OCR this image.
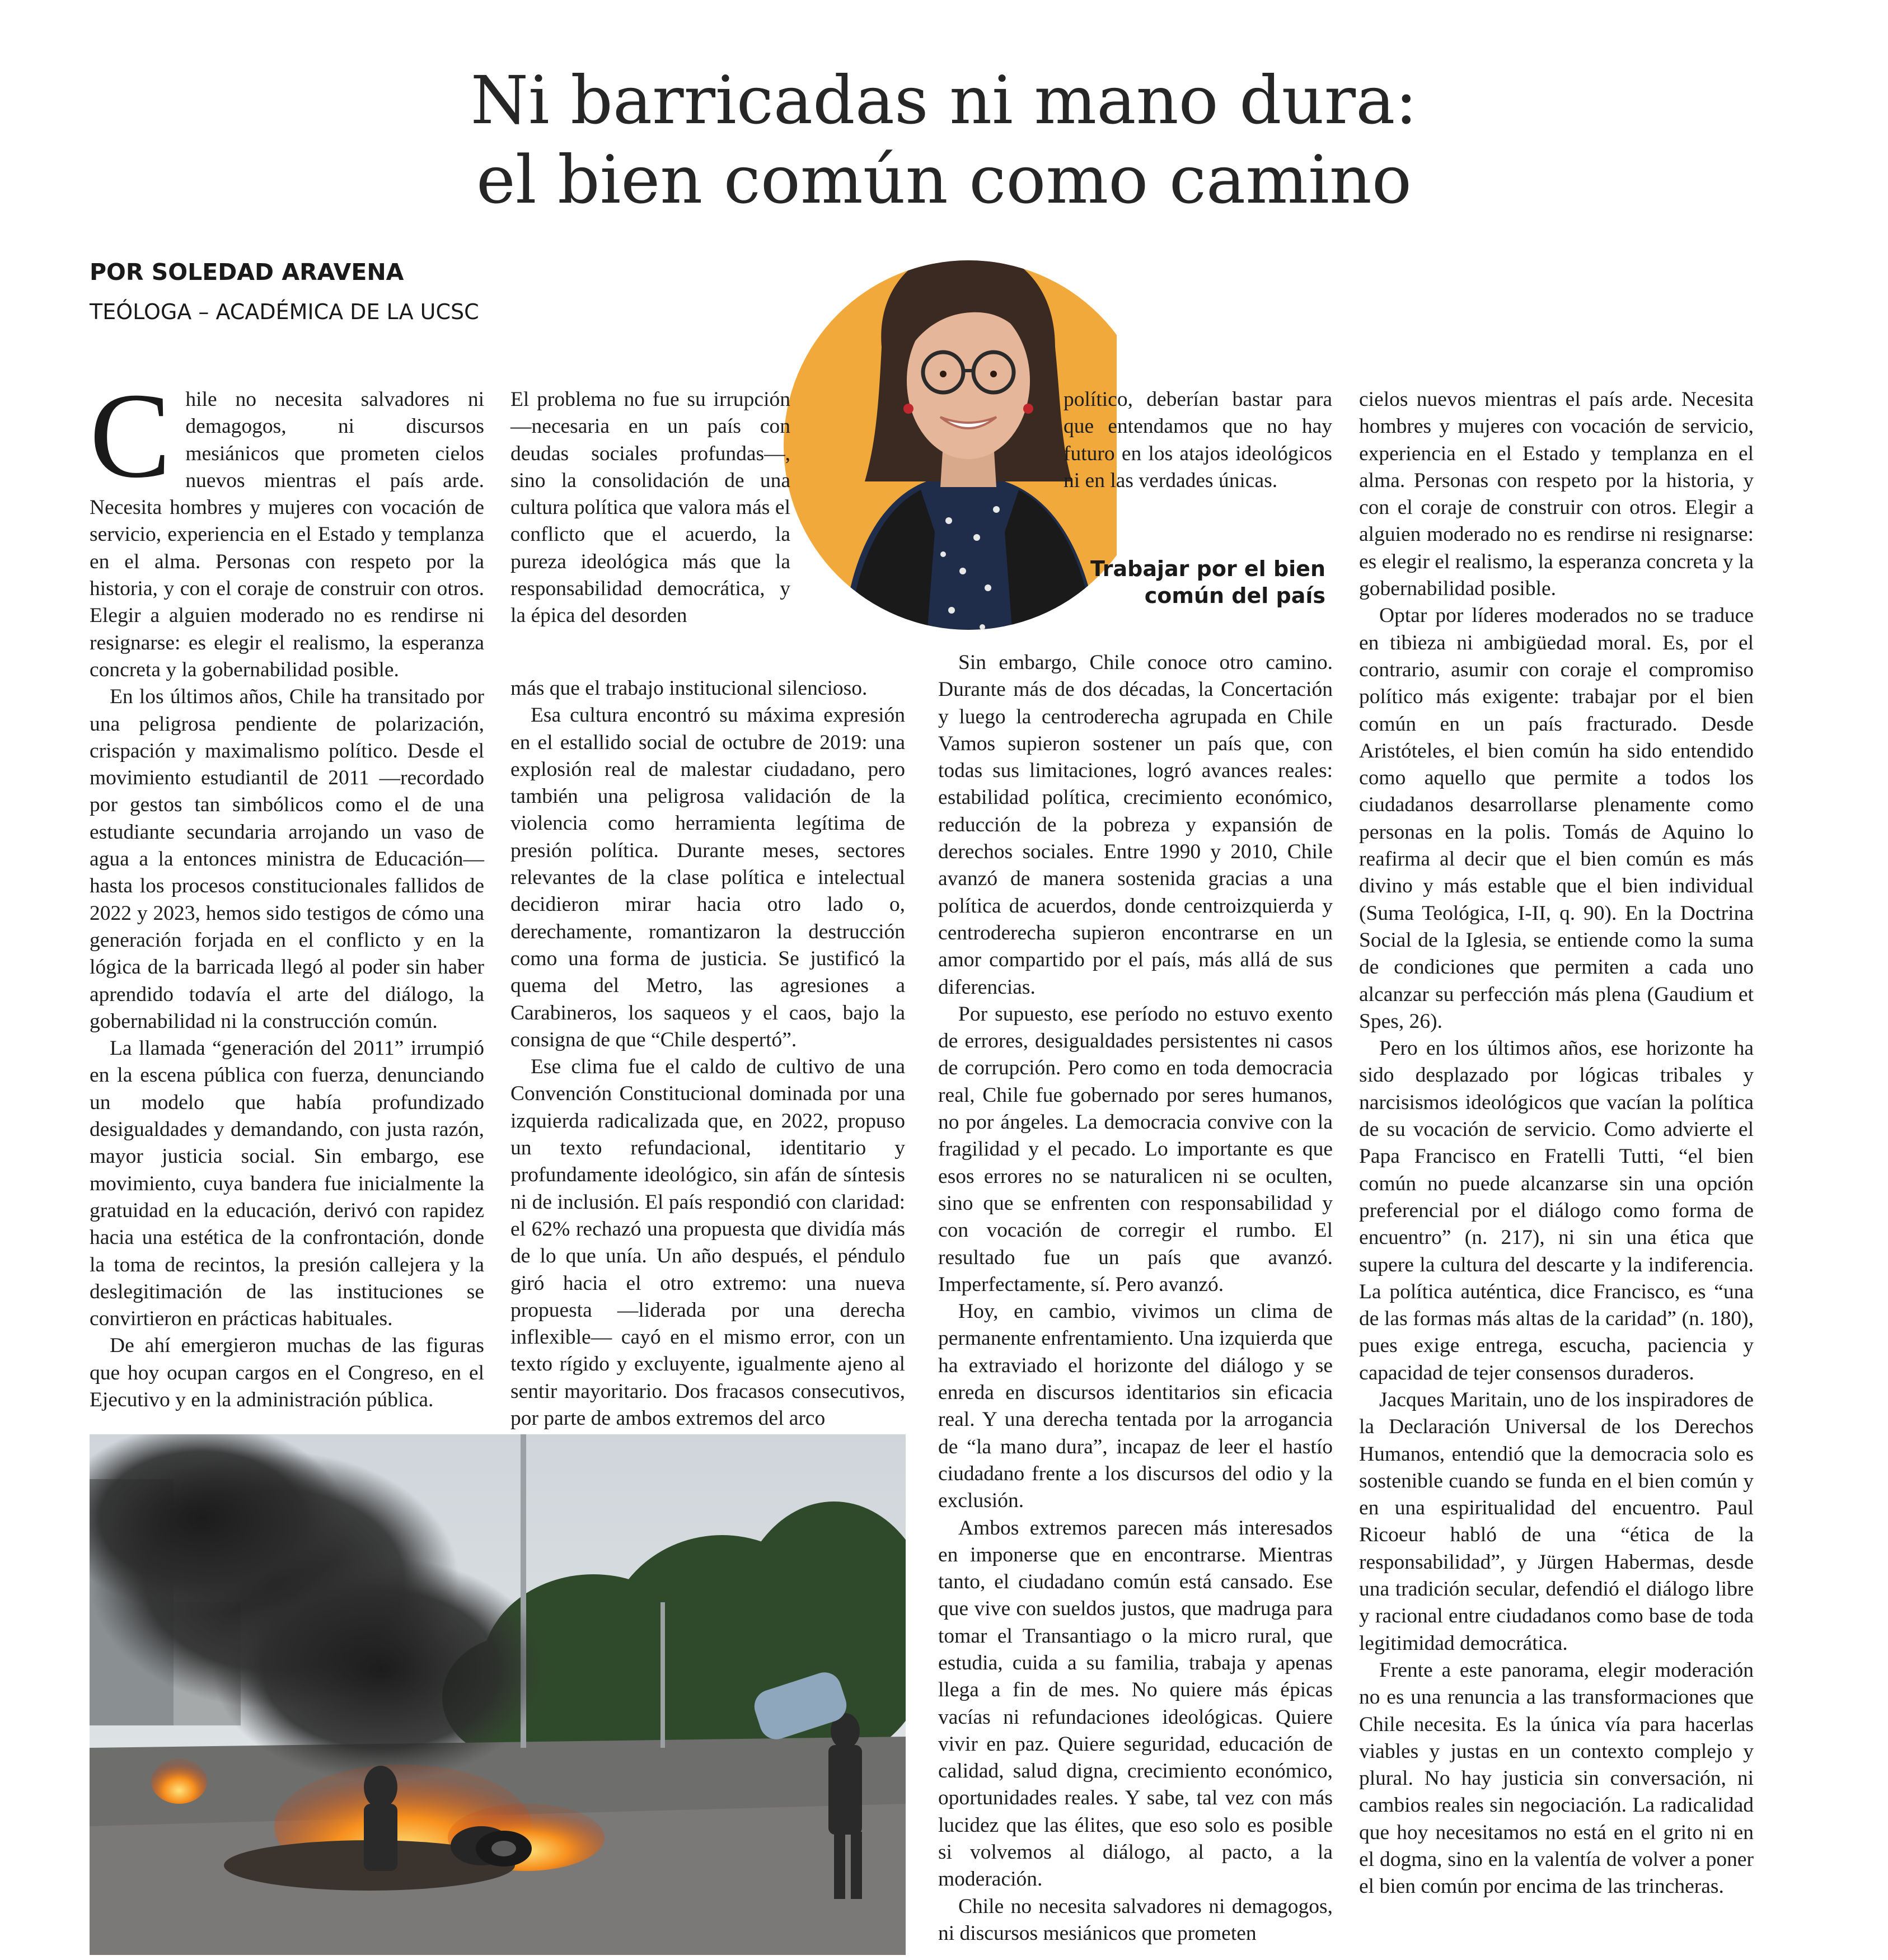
Ni barricadas ni mano dura:
el bien común como camino
POR SOLEDAD ARAVENA
TEÓLOGA – ACADÉMICA DE LA UCSC

Chile no necesita salvadores ni demagogos, ni discursos mesiánicos que prometen cielos nuevos mientras el país arde. Necesita hombres y mujeres con vocación de servicio, experiencia en el Estado y templanza en el alma. Personas con respeto por la historia, y con el coraje de construir con otros. Elegir a alguien moderado no es rendirse ni resignarse: es elegir el realismo, la esperanza concreta y la gobernabilidad posible.

En los últimos años, Chile ha transitado por una peligrosa pendiente de polarización, crispación y maximalismo político. Desde el movimiento estudiantil de 2011 —recordado por gestos tan simbólicos como el de una estudiante secundaria arrojando un vaso de agua a la entonces ministra de Educación— hasta los procesos constitucionales fallidos de 2022 y 2023, hemos sido testigos de cómo una generación forjada en el conflicto y en la lógica de la barricada llegó al poder sin haber aprendido todavía el arte del diálogo, la gobernabilidad ni la construcción común.

La llamada “generación del 2011” irrumpió en la escena pública con fuerza, denunciando un modelo que había profundizado desigualdades y demandando, con justa razón, mayor justicia social. Sin embargo, ese movimiento, cuya bandera fue inicialmente la gratuidad en la educación, derivó con rapidez hacia una estética de la confrontación, donde la toma de recintos, la presión callejera y la deslegitimación de las instituciones se convirtieron en prácticas habituales.

De ahí emergieron muchas de las figuras que hoy ocupan cargos en el Congreso, en el Ejecutivo y en la administración pública.

El problema no fue su irrupción —necesaria en un país con deudas sociales profundas—, sino la consolidación de una cultura política que valora más el conflicto que el acuerdo, la pureza ideológica más que la responsabilidad democrática, y la épica del desorden

más que el trabajo institucional silencioso.

Esa cultura encontró su máxima expresión en el estallido social de octubre de 2019: una explosión real de malestar ciudadano, pero también una peligrosa validación de la violencia como herramienta legítima de presión política. Durante meses, sectores relevantes de la clase política e intelectual decidieron mirar hacia otro lado o, derechamente, romantizaron la destrucción como una forma de justicia. Se justificó la quema del Metro, las agresiones a Carabineros, los saqueos y el caos, bajo la consigna de que “Chile despertó”.

Ese clima fue el caldo de cultivo de una Convención Constitucional dominada por una izquierda radicalizada que, en 2022, propuso un texto refundacional, identitario y profundamente ideológico, sin afán de síntesis ni de inclusión. El país respondió con claridad: el 62% rechazó una propuesta que dividía más de lo que unía. Un año después, el péndulo giró hacia el otro extremo: una nueva propuesta —liderada por una derecha inflexible— cayó en el mismo error, con un texto rígido y excluyente, igualmente ajeno al sentir mayoritario. Dos fracasos consecutivos, por parte de ambos extremos del arco

político, deberían bastar para que entendamos que no hay futuro en los atajos ideológicos ni en las verdades únicas.

Trabajar por el bien común del país

Sin embargo, Chile conoce otro camino. Durante más de dos décadas, la Concertación y luego la centroderecha agrupada en Chile Vamos supieron sostener un país que, con todas sus limitaciones, logró avances reales: estabilidad política, crecimiento económico, reducción de la pobreza y expansión de derechos sociales. Entre 1990 y 2010, Chile avanzó de manera sostenida gracias a una política de acuerdos, donde centroizquierda y centroderecha supieron encontrarse en un amor compartido por el país, más allá de sus diferencias.

Por supuesto, ese período no estuvo exento de errores, desigualdades persistentes ni casos de corrupción. Pero como en toda democracia real, Chile fue gobernado por seres humanos, no por ángeles. La democracia convive con la fragilidad y el pecado. Lo importante es que esos errores no se naturalicen ni se oculten, sino que se enfrenten con responsabilidad y con vocación de corregir el rumbo. El resultado fue un país que avanzó. Imperfectamente, sí. Pero avanzó.

Hoy, en cambio, vivimos un clima de permanente enfrentamiento. Una izquierda que ha extraviado el horizonte del diálogo y se enreda en discursos identitarios sin eficacia real. Y una derecha tentada por la arrogancia de “la mano dura”, incapaz de leer el hastío ciudadano frente a los discursos del odio y la exclusión.

Ambos extremos parecen más interesados en imponerse que en encontrarse. Mientras tanto, el ciudadano común está cansado. Ese que vive con sueldos justos, que madruga para tomar el Transantiago o la micro rural, que estudia, cuida a su familia, trabaja y apenas llega a fin de mes. No quiere más épicas vacías ni refundaciones ideológicas. Quiere vivir en paz. Quiere seguridad, educación de calidad, salud digna, crecimiento económico, oportunidades reales. Y sabe, tal vez con más lucidez que las élites, que eso solo es posible si volvemos al diálogo, al pacto, a la moderación.

Chile no necesita salvadores ni demagogos, ni discursos mesiánicos que prometen

cielos nuevos mientras el país arde. Necesita hombres y mujeres con vocación de servicio, experiencia en el Estado y templanza en el alma. Personas con respeto por la historia, y con el coraje de construir con otros. Elegir a alguien moderado no es rendirse ni resignarse: es elegir el realismo, la esperanza concreta y la gobernabilidad posible.

Optar por líderes moderados no se traduce en tibieza ni ambigüedad moral. Es, por el contrario, asumir con coraje el compromiso político más exigente: trabajar por el bien común en un país fracturado. Desde Aristóteles, el bien común ha sido entendido como aquello que permite a todos los ciudadanos desarrollarse plenamente como personas en la polis. Tomás de Aquino lo reafirma al decir que el bien común es más divino y más estable que el bien individual (Suma Teológica, I-II, q. 90). En la Doctrina Social de la Iglesia, se entiende como la suma de condiciones que permiten a cada uno alcanzar su perfección más plena (Gaudium et Spes, 26).

Pero en los últimos años, ese horizonte ha sido desplazado por lógicas tribales y narcisismos ideológicos que vacían la política de su vocación de servicio. Como advierte el Papa Francisco en Fratelli Tutti, “el bien común no puede alcanzarse sin una opción preferencial por el diálogo como forma de encuentro” (n. 217), ni sin una ética que supere la cultura del descarte y la indiferencia. La política auténtica, dice Francisco, es “una de las formas más altas de la caridad” (n. 180), pues exige entrega, escucha, paciencia y capacidad de tejer consensos duraderos.

Jacques Maritain, uno de los inspiradores de la Declaración Universal de los Derechos Humanos, entendió que la democracia solo es sostenible cuando se funda en el bien común y en una espiritualidad del encuentro. Paul Ricoeur habló de una “ética de la responsabilidad”, y Jürgen Habermas, desde una tradición secular, defendió el diálogo libre y racional entre ciudadanos como base de toda legitimidad democrática.

Frente a este panorama, elegir moderación no es una renuncia a las transformaciones que Chile necesita. Es la única vía para hacerlas viables y justas en un contexto complejo y plural. No hay justicia sin conversación, ni cambios reales sin negociación. La radicalidad que hoy necesitamos no está en el grito ni en el dogma, sino en la valentía de volver a poner el bien común por encima de las trincheras.
